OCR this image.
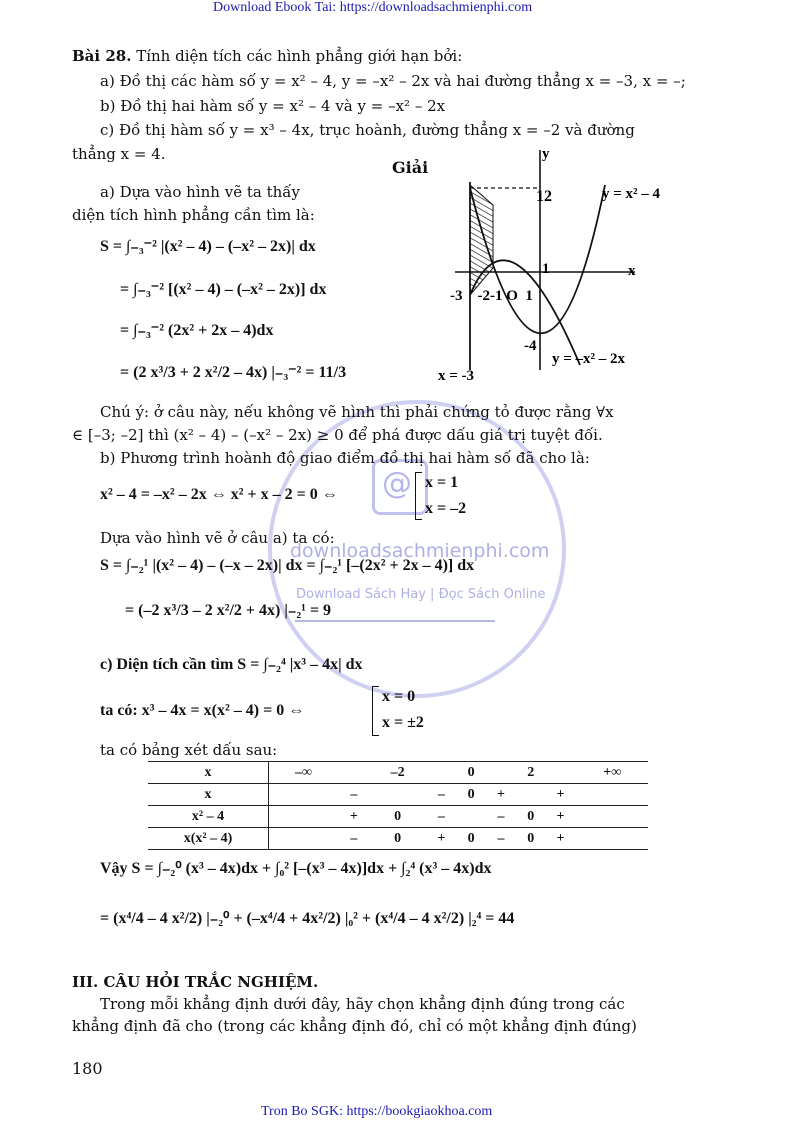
Download Ebook Tai: https://downloadsachmienphi.com
Tron Bo SGK: https://bookgiaokhoa.com
@
downloadsachmienphi.com
Download Sách Hay | Đọc Sách Online
Bài 28. Tính diện tích các hình phẳng giới hạn bởi:
a) Đồ thị các hàm số y = x² – 4, y = –x² – 2x và hai đường thẳng x = –3, x = –;
b) Đồ thị hai hàm số y = x² – 4 và y = –x² – 2x
c) Đồ thị hàm số y = x³ – 4x, trục hoành, đường thẳng x = –2 và đường
thẳng x = 4.
Giải
a) Dựa vào hình vẽ ta thấy
diện tích hình phẳng cần tìm là:
S = ∫₋₃⁻² |(x² – 4) – (–x² – 2x)| dx
= ∫₋₃⁻² [(x² – 4) – (–x² – 2x)] dx
= ∫₋₃⁻² (2x² + 2x – 4)dx
= (2 x³/3 + 2 x²/2 – 4x) |₋₃⁻² = 11/3
y
x
12
1
-4
-3    -2-1 O  1
y = x² – 4
y = –x² – 2x
x = -3
Chú ý: ở câu này, nếu không vẽ hình thì phải chứng tỏ được rằng ∀x
∈ [–3; –2] thì (x² – 4) – (–x² – 2x) ≥ 0 để phá được dấu giá trị tuyệt đối.
b) Phương trình hoành độ giao điểm đồ thị hai hàm số đã cho là:
x² – 4 = –x² – 2x ⇔ x² + x – 2 = 0 ⇔
x = 1
x = –2
Dựa vào hình vẽ ở câu a) ta có:
S = ∫₋₂¹ |(x² – 4) – (–x – 2x)| dx = ∫₋₂¹ [–(2x² + 2x – 4)] dx
= (–2 x³/3 – 2 x²/2 + 4x) |₋₂¹ = 9
c) Diện tích cần tìm S = ∫₋₂⁴ |x³ – 4x| dx
ta có: x³ – 4x = x(x² – 4) = 0 ⇔
x = 0
x = ±2
ta có bảng xét dấu sau:
x	–∞		–2		0		2		+∞
x		–		–	0	+		+	
x² – 4		+	0	–		–	0	+	
x(x² – 4)		–	0	+	0	–	0	+	
Vậy S = ∫₋₂⁰ (x³ – 4x)dx + ∫₀² [–(x³ – 4x)]dx + ∫₂⁴ (x³ – 4x)dx
= (x⁴/4 – 4 x²/2) |₋₂⁰ + (–x⁴/4 + 4x²/2) |₀² + (x⁴/4 – 4 x²/2) |₂⁴ = 44
III. CÂU HỎI TRẮC NGHIỆM.
Trong mỗi khẳng định dưới đây, hãy chọn khẳng định đúng trong các
khẳng định đã cho (trong các khẳng định đó, chỉ có một khẳng định đúng)
180
